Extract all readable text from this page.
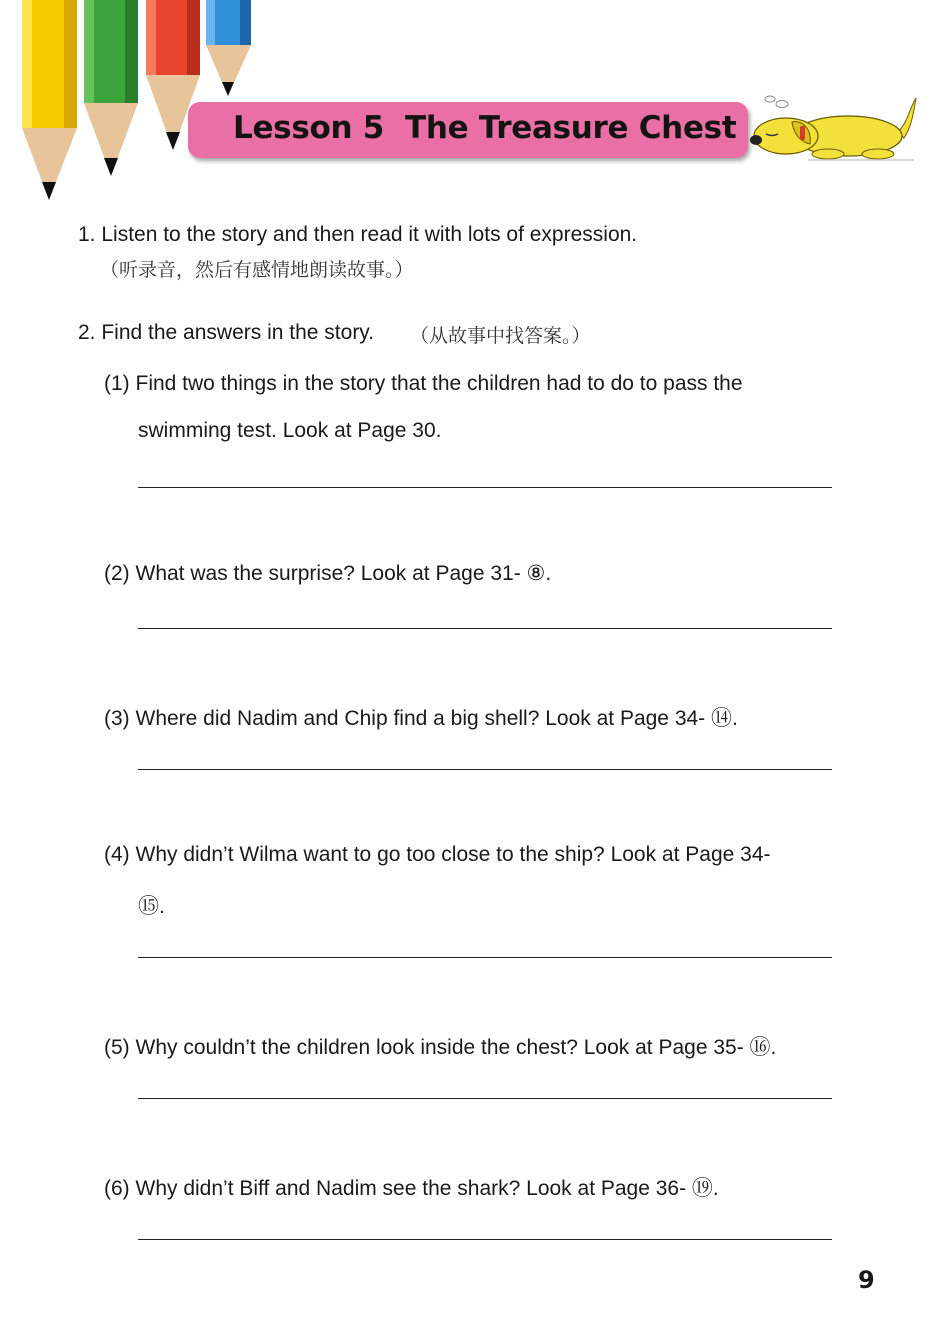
Lesson 5  The Treasure Chest
1. Listen to the story and then read it with lots of expression.
（听录音，然后有感情地朗读故事。）
2. Find the answers in the story. （从故事中找答案。）
(1) Find two things in the story that the children had to do to pass the
swimming test. Look at Page 30.
(2) What was the surprise? Look at Page 31- ⑧.
(3) Where did Nadim and Chip find a big shell? Look at Page 34- ⑭.
(4) Why didn’t Wilma want to go too close to the ship? Look at Page 34-
⑮.
(5) Why couldn’t the children look inside the chest? Look at Page 35- ⑯.
(6) Why didn’t Biff and Nadim see the shark? Look at Page 36- ⑲.
9
